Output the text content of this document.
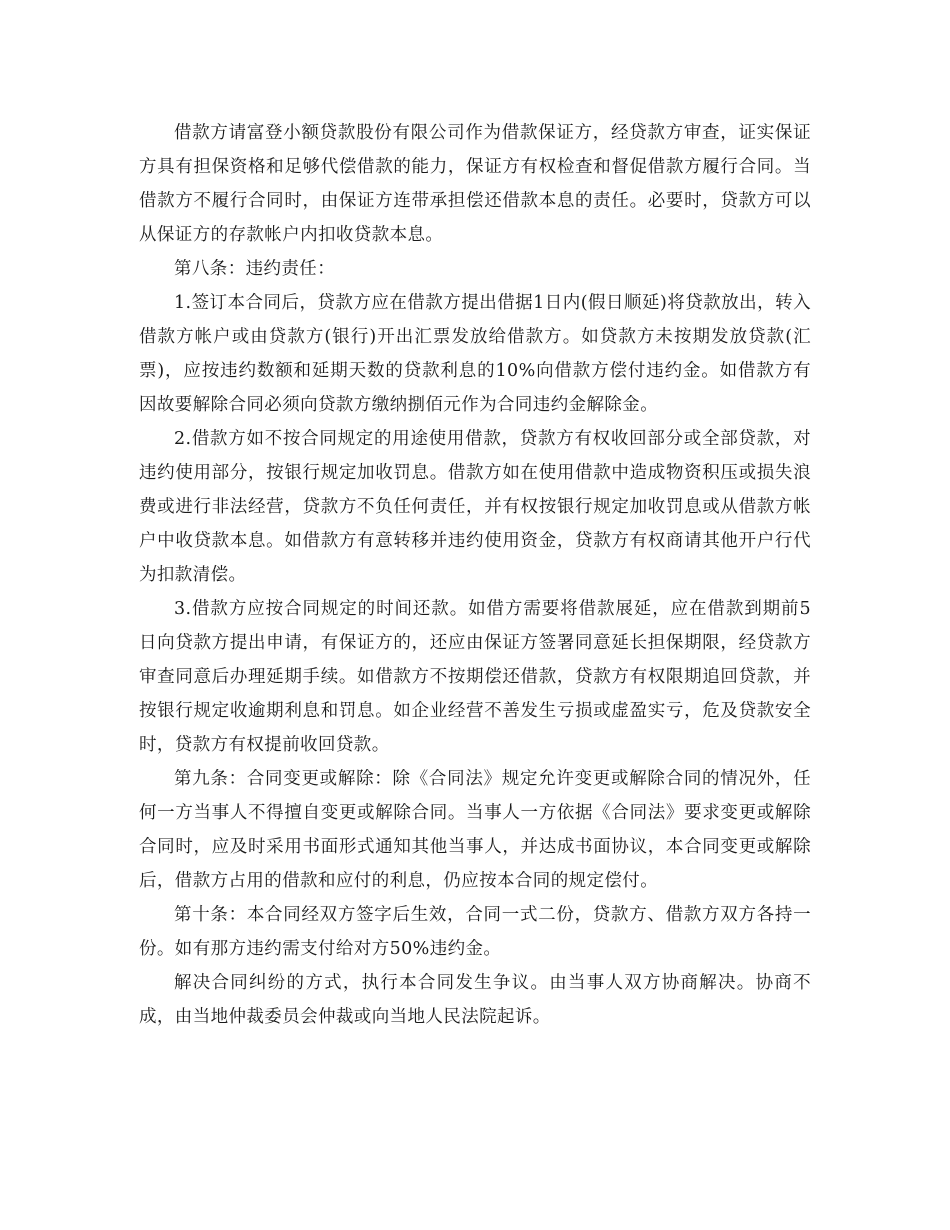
借款方请富登小额贷款股份有限公司作为借款保证方，经贷款方审查，证实保证方具有担保资格和足够代偿借款的能力，保证方有权检查和督促借款方履行合同。当借款方不履行合同时，由保证方连带承担偿还借款本息的责任。必要时，贷款方可以从保证方的存款帐户内扣收贷款本息。

第八条：违约责任：

1.签订本合同后，贷款方应在借款方提出借据1日内(假日顺延)将贷款放出，转入借款方帐户或由贷款方(银行)开出汇票发放给借款方。如贷款方未按期发放贷款(汇票)，应按违约数额和延期天数的贷款利息的10%向借款方偿付违约金。如借款方有因故要解除合同必须向贷款方缴纳捌佰元作为合同违约金解除金。

2.借款方如不按合同规定的用途使用借款，贷款方有权收回部分或全部贷款，对违约使用部分，按银行规定加收罚息。借款方如在使用借款中造成物资积压或损失浪费或进行非法经营，贷款方不负任何责任，并有权按银行规定加收罚息或从借款方帐户中收贷款本息。如借款方有意转移并违约使用资金，贷款方有权商请其他开户行代为扣款清偿。

3.借款方应按合同规定的时间还款。如借方需要将借款展延，应在借款到期前5日向贷款方提出申请，有保证方的，还应由保证方签署同意延长担保期限，经贷款方审查同意后办理延期手续。如借款方不按期偿还借款，贷款方有权限期追回贷款，并按银行规定收逾期利息和罚息。如企业经营不善发生亏损或虚盈实亏，危及贷款安全时，贷款方有权提前收回贷款。

第九条：合同变更或解除：除《合同法》规定允许变更或解除合同的情况外，任何一方当事人不得擅自变更或解除合同。当事人一方依据《合同法》要求变更或解除合同时，应及时采用书面形式通知其他当事人，并达成书面协议，本合同变更或解除后，借款方占用的借款和应付的利息，仍应按本合同的规定偿付。

第十条：本合同经双方签字后生效，合同一式二份，贷款方、借款方双方各持一份。如有那方违约需支付给对方50%违约金。

解决合同纠纷的方式，执行本合同发生争议。由当事人双方协商解决。协商不成，由当地仲裁委员会仲裁或向当地人民法院起诉。
